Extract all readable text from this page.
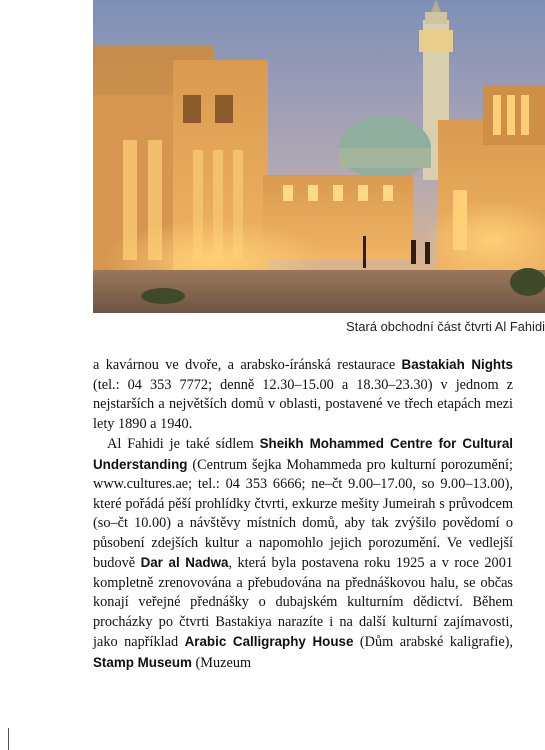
Stará obchodní část čtvrti Al Fahidi

a kavárnou ve dvoře, a arabsko-íránská restaurace Bastakiah Nights (tel.: 04 353 7772; denně 12.30–15.00 a 18.30–23.30) v jednom z nejstarších a největších domů v oblasti, postavené ve třech etapách mezi lety 1890 a 1940.

Al Fahidi je také sídlem Sheikh Mohammed Centre for Cultural Understanding (Centrum šejka Mohammeda pro kulturní porozumění; www.cultures.ae; tel.: 04 353 6666; ne–čt 9.00–17.00, so 9.00–13.00), které pořádá pěší prohlídky čtvrti, exkurze mešity Jumeirah s průvodcem (so–čt 10.00) a návštěvy místních domů, aby tak zvýšilo povědomí o působení zdejších kultur a napomohlo jejich porozumění. Ve vedlejší budově Dar al Nadwa, která byla postavena roku 1925 a v roce 2001 kompletně zrenovována a přebudována na přednáškovou halu, se občas konají veřejné přednášky o dubajském kulturním dědictví. Během procházky po čtvrti Bastakiya narazíte i na další kulturní zajímavosti, jako například Arabic Calligraphy House (Dům arabské kaligrafie), Stamp Museum (Muzeum
